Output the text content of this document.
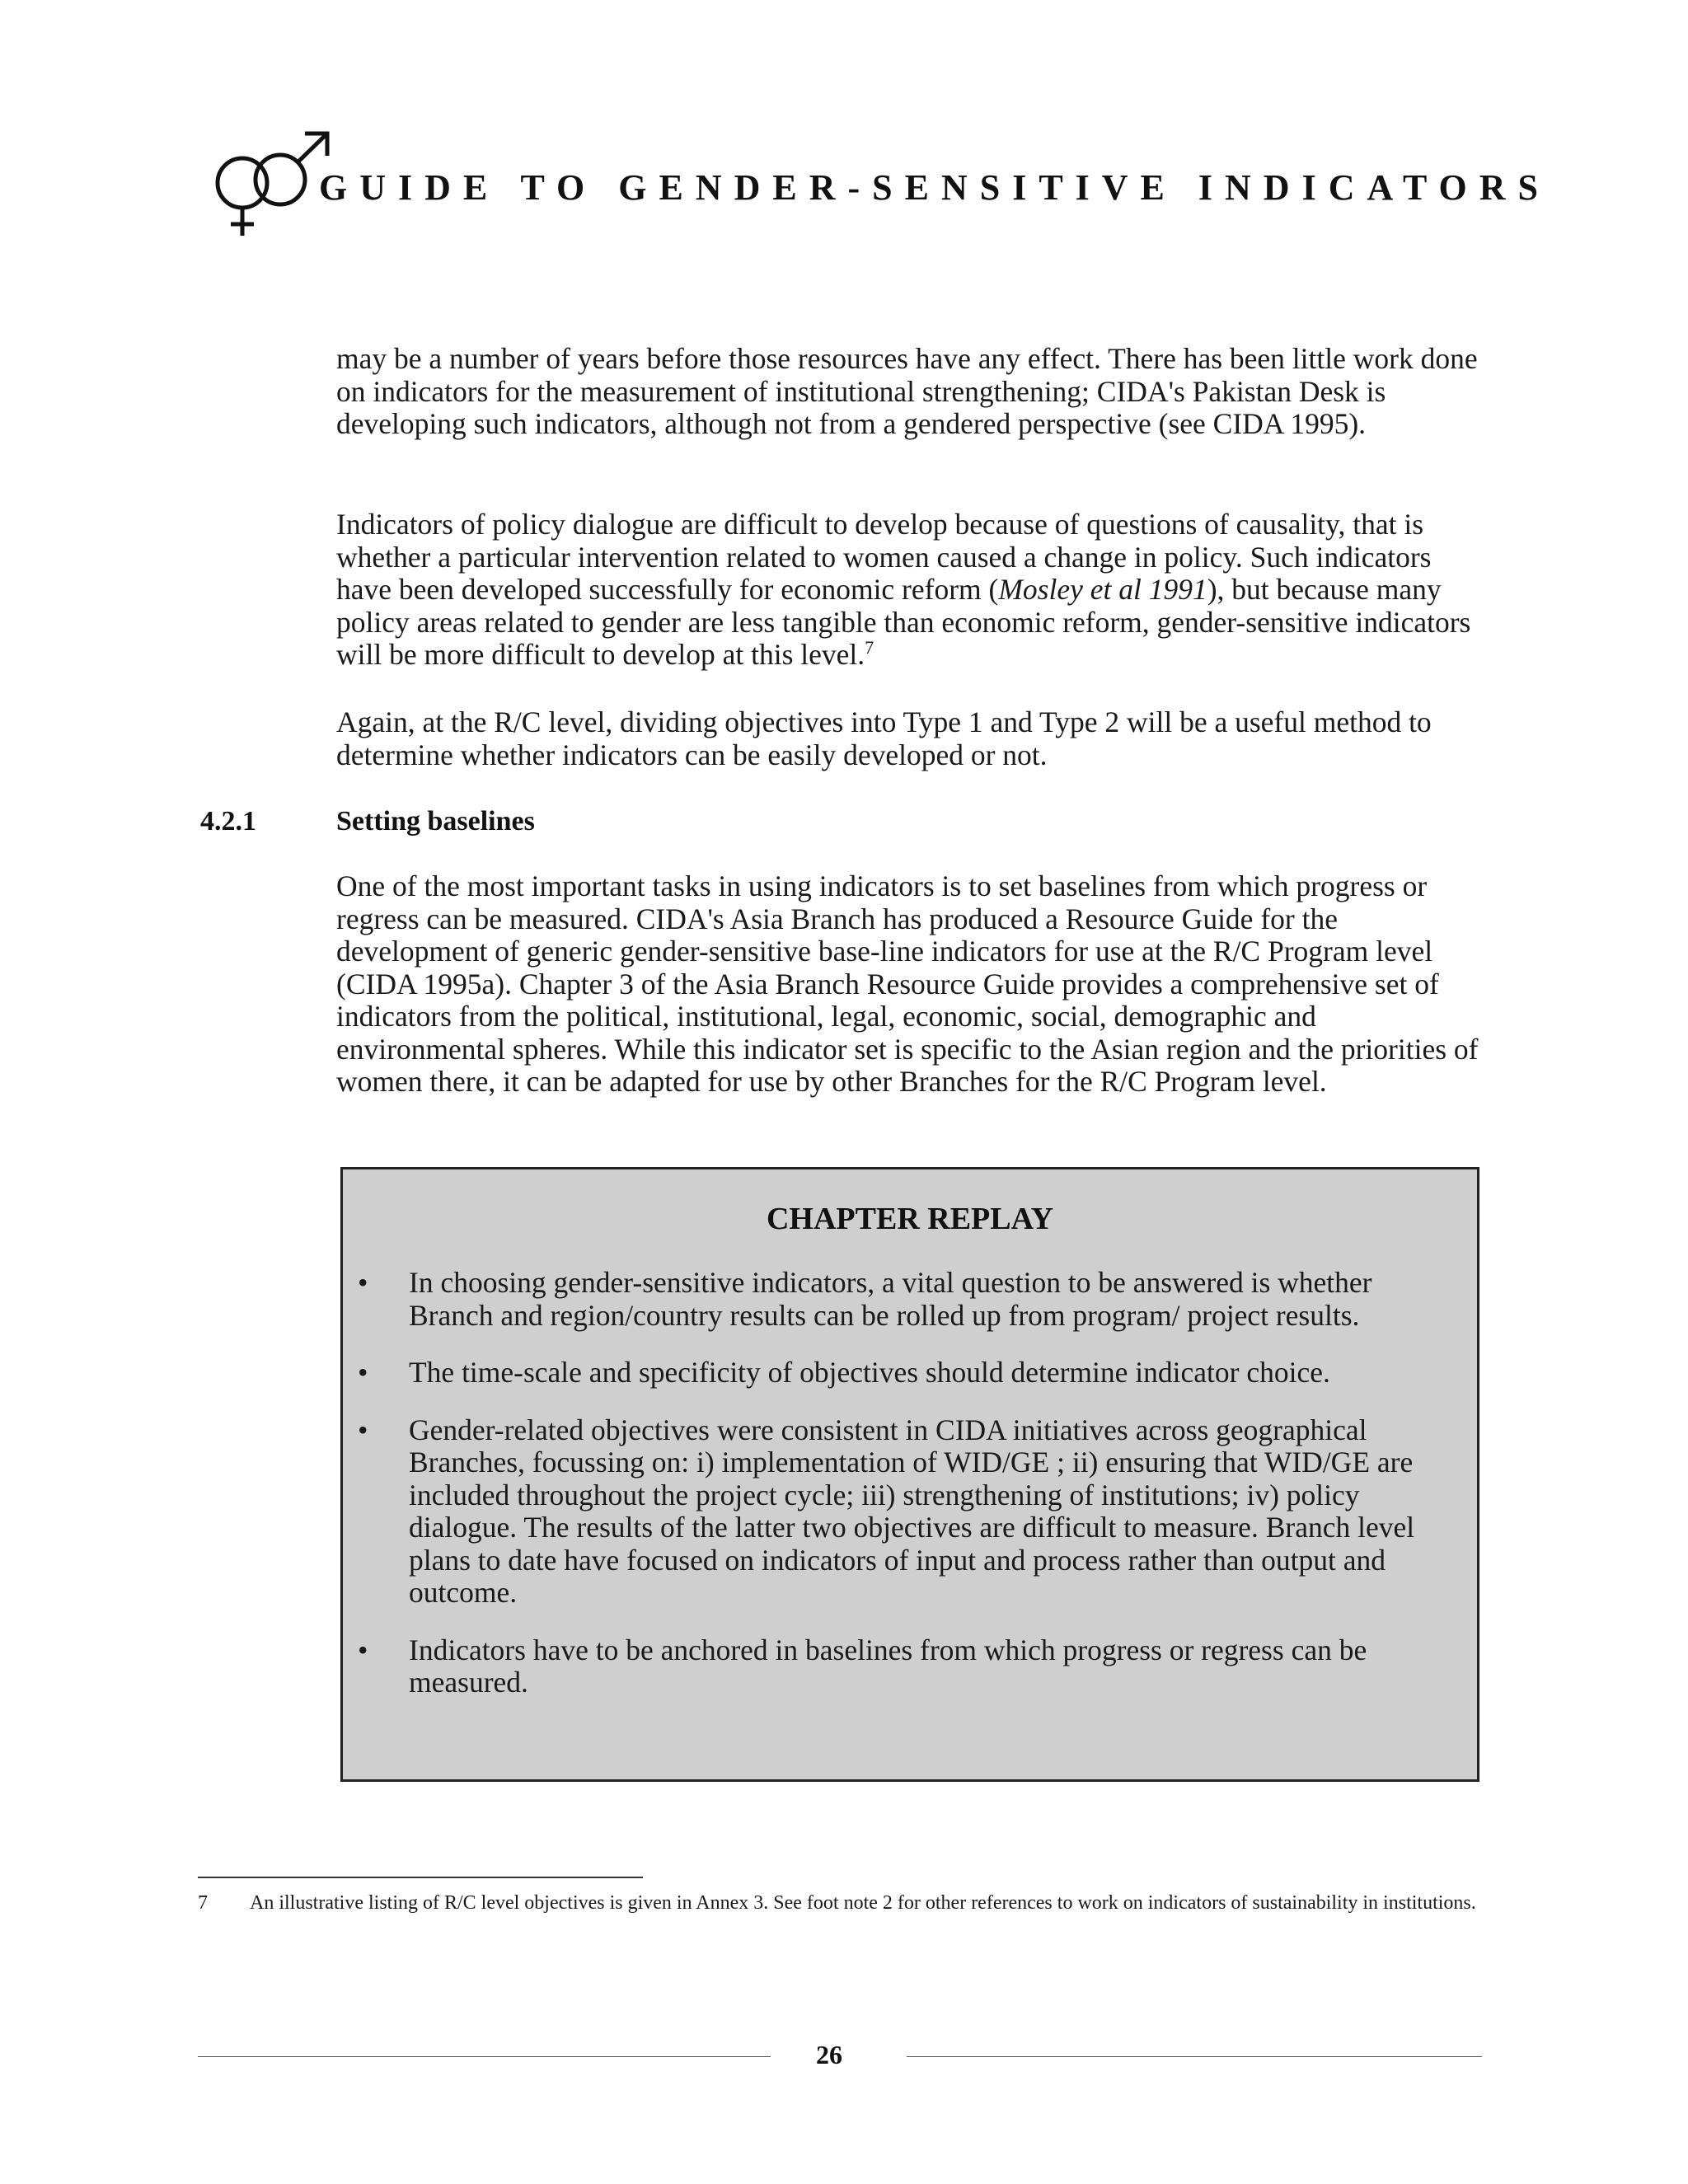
GUIDE TO GENDER-SENSITIVE INDICATORS

may be a number of years before those resources have any effect. There has been little work done on indicators for the measurement of institutional strengthening; CIDA's Pakistan Desk is developing such indicators, although not from a gendered perspective (see CIDA 1995).

Indicators of policy dialogue are difficult to develop because of questions of causality, that is whether a particular intervention related to women caused a change in policy. Such indicators have been developed successfully for economic reform (Mosley et al 1991), but because many policy areas related to gender are less tangible than economic reform, gender-sensitive indicators will be more difficult to develop at this level.$^7$

Again, at the R/C level, dividing objectives into Type 1 and Type 2 will be a useful method to determine whether indicators can be easily developed or not.

4.2.1	Setting baselines

One of the most important tasks in using indicators is to set baselines from which progress or regress can be measured. CIDA's Asia Branch has produced a Resource Guide for the development of generic gender-sensitive base-line indicators for use at the R/C Program level (CIDA 1995a). Chapter 3 of the Asia Branch Resource Guide provides a comprehensive set of indicators from the political, institutional, legal, economic, social, demographic and environmental spheres. While this indicator set is specific to the Asian region and the priorities of women there, it can be adapted for use by other Branches for the R/C Program level.

CHAPTER REPLAY
• In choosing gender-sensitive indicators, a vital question to be answered is whether Branch and region/country results can be rolled up from program/ project results.
• The time-scale and specificity of objectives should determine indicator choice.
• Gender-related objectives were consistent in CIDA initiatives across geographical Branches, focussing on: i) implementation of WID/GE ; ii) ensuring that WID/GE are included throughout the project cycle; iii) strengthening of institutions; iv) policy dialogue. The results of the latter two objectives are difficult to measure. Branch level plans to date have focused on indicators of input and process rather than output and outcome.
• Indicators have to be anchored in baselines from which progress or regress can be measured.
7 An illustrative listing of R/C level objectives is given in Annex 3. See foot note 2 for other references to work on indicators of sustainability in institutions.
26
